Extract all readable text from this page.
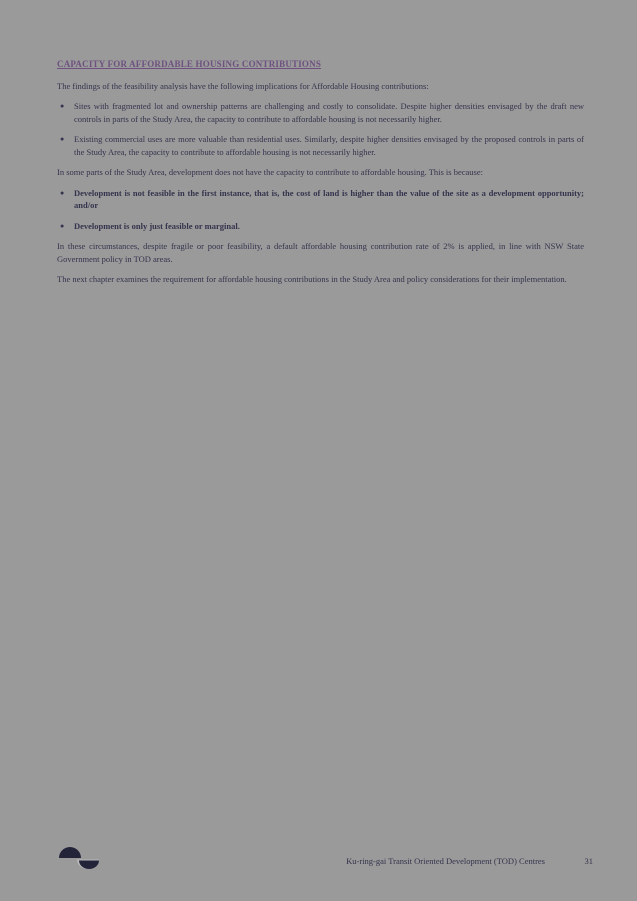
CAPACITY FOR AFFORDABLE HOUSING CONTRIBUTIONS

The findings of the feasibility analysis have the following implications for Affordable Housing contributions:

●	Sites with fragmented lot and ownership patterns are challenging and costly to consolidate. Despite higher densities envisaged by the draft new controls in parts of the Study Area, the capacity to contribute to affordable housing is not necessarily higher.
●	Existing commercial uses are more valuable than residential uses. Similarly, despite higher densities envisaged by the proposed controls in parts of the Study Area, the capacity to contribute to affordable housing is not necessarily higher.

In some parts of the Study Area, development does not have the capacity to contribute to affordable housing. This is because:

●	Development is not feasible in the first instance, that is, the cost of land is higher than the value of the site as a development opportunity; and/or
●	Development is only just feasible or marginal.

In these circumstances, despite fragile or poor feasibility, a default affordable housing contribution rate of 2% is applied, in line with NSW State Government policy in TOD areas.

The next chapter examines the requirement for affordable housing contributions in the Study Area and policy considerations for their implementation.

Ku-ring-gai Transit Oriented Development (TOD) Centres	31
